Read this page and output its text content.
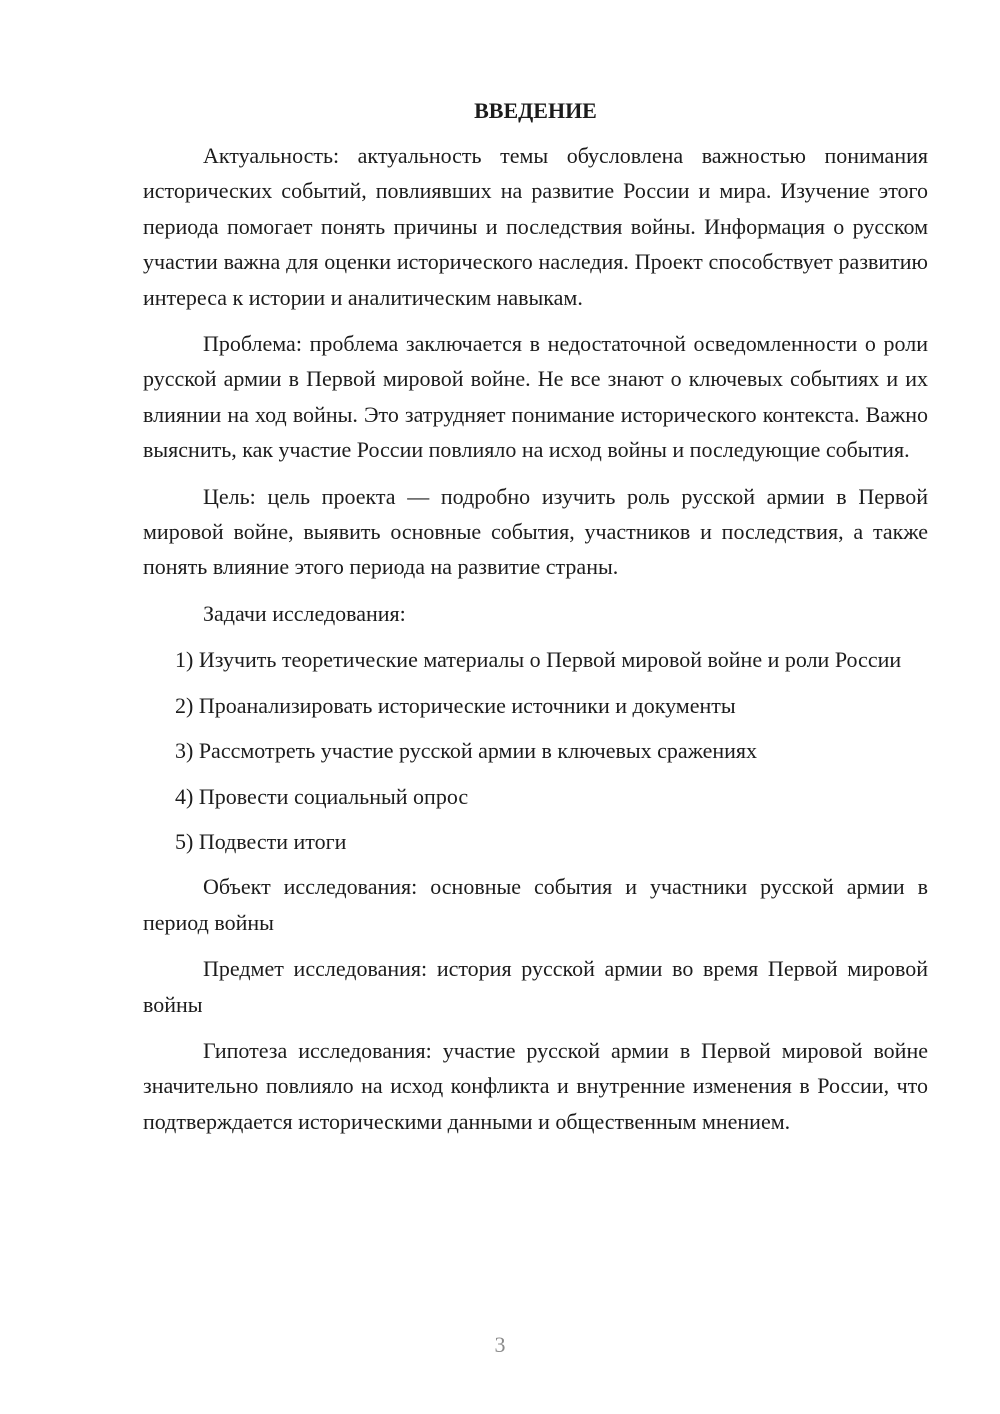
ВВЕДЕНИЕ

Актуальность: актуальность темы обусловлена важностью понимания исторических событий, повлиявших на развитие России и мира. Изучение этого периода помогает понять причины и последствия войны. Информация о русском участии важна для оценки исторического наследия. Проект способствует развитию интереса к истории и аналитическим навыкам.

Проблема: проблема заключается в недостаточной осведомленности о роли русской армии в Первой мировой войне. Не все знают о ключевых событиях и их влиянии на ход войны. Это затрудняет понимание исторического контекста. Важно выяснить, как участие России повлияло на исход войны и последующие события.

Цель: цель проекта — подробно изучить роль русской армии в Первой мировой войне, выявить основные события, участников и последствия, а также понять влияние этого периода на развитие страны.

Задачи исследования:

1) Изучить теоретические материалы о Первой мировой войне и роли России

2) Проанализировать исторические источники и документы

3) Рассмотреть участие русской армии в ключевых сражениях

4) Провести социальный опрос

5) Подвести итоги

Объект исследования: основные события и участники русской армии в период войны

Предмет исследования: история русской армии во время Первой мировой войны

Гипотеза исследования: участие русской армии в Первой мировой войне значительно повлияло на исход конфликта и внутренние изменения в России, что подтверждается историческими данными и общественным мнением.

3
